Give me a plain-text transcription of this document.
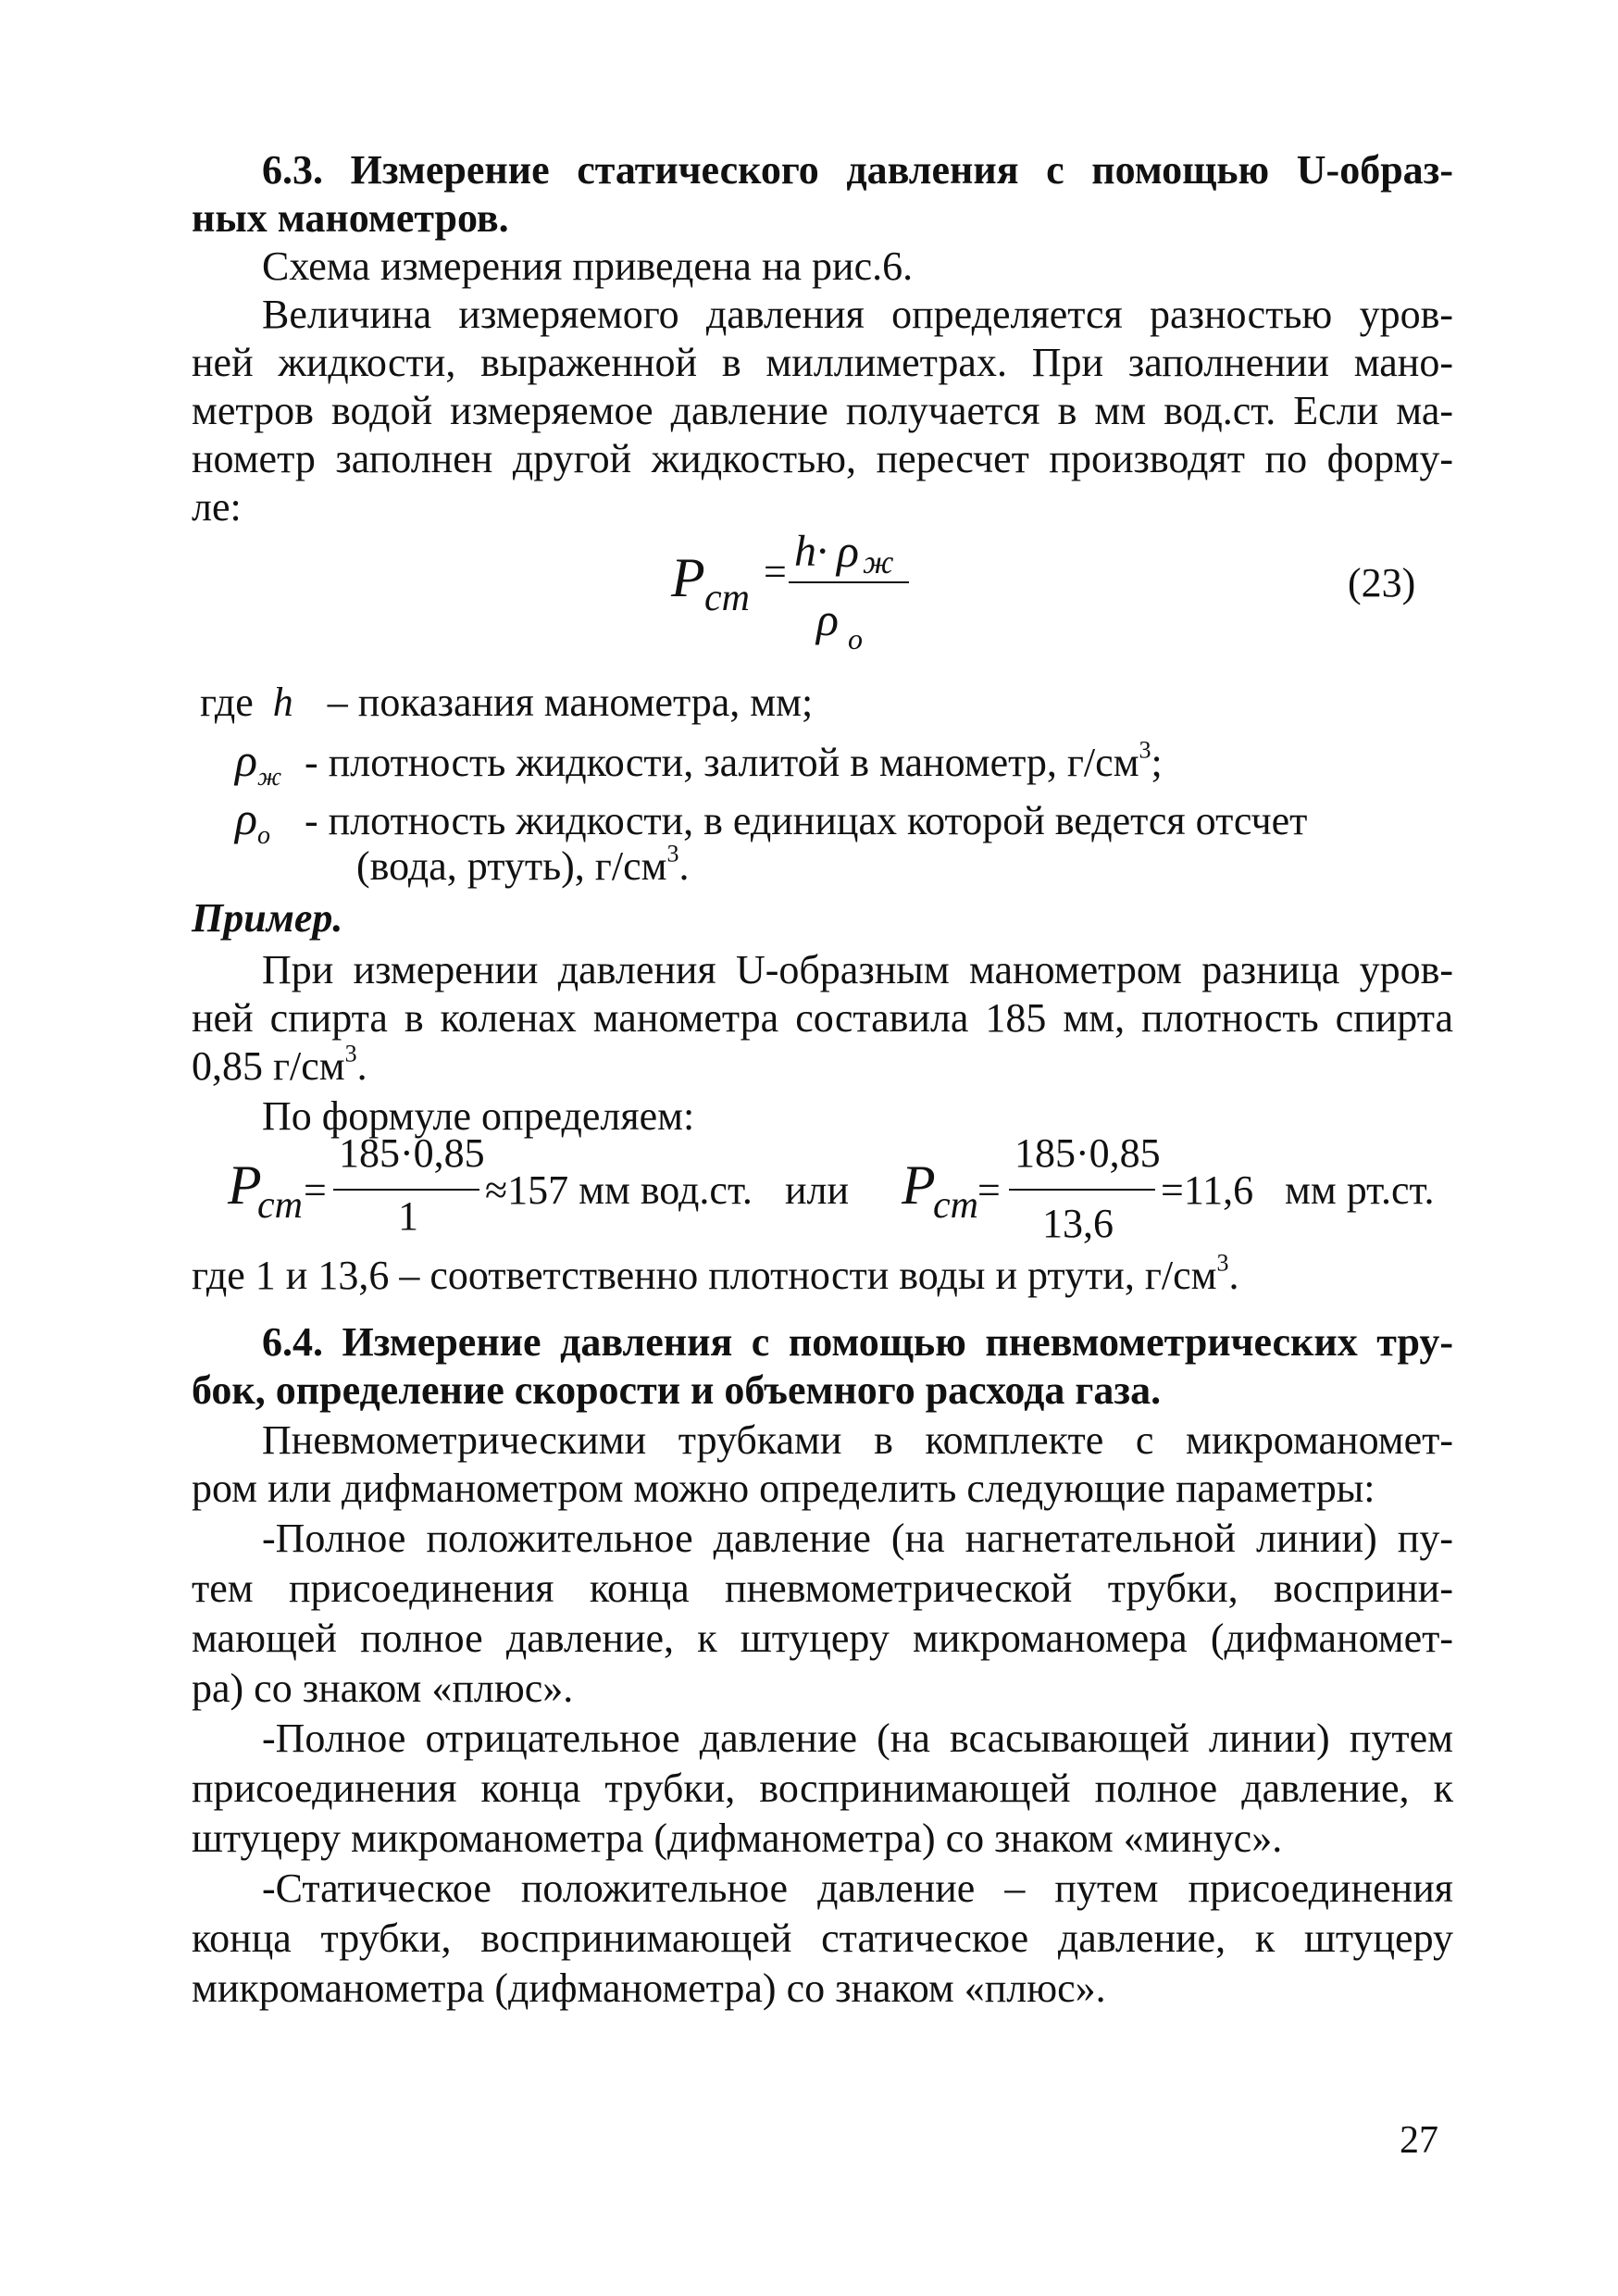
6.3. Измерение статического давления с помощью U-образ-
ных манометров.
Схема измерения приведена на рис.6.
Величина измеряемого давления определяется разностью уров-
ней жидкости, выраженной в миллиметрах. При заполнении мано-
метров водой измеряемое давление получается в мм вод.ст. Если ма-
нометр заполнен другой жидкостью, пересчет производят по форму-
ле:
P ст
= h· ρ ж
ρ о
(23)
где h – показания манометра, мм;
$\rho_ж$ - плотность жидкости, залитой в манометр, $г/см^3$;
$\rho_о$ - плотность жидкости, в единицах которой ведется отсчет
(вода, ртуть), $г/см^3$.
Пример.
При измерении давления U-образным манометром разница уров-
ней спирта в коленах манометра составила 185 мм, плотность спирта
0,85 $г/см^3$.
По формуле определяем:
P
ст =
185·0,85
1
≈157 мм вод.ст. или P
ст =
185·0,85
13,6
=11,6 мм рт.ст.
где 1 и 13,6 – соответственно плотности воды и ртути, $г/см^3$.
6.4. Измерение давления с помощью пневмометрических тру-
бок, определение скорости и объемного расхода газа.
Пневмометрическими трубками в комплекте с микроманомет-
ром или дифманометром можно определить следующие параметры:
-Полное положительное давление (на нагнетательной линии) пу-
тем присоединения конца пневмометрической трубки, восприни-
мающей полное давление, к штуцеру микроманомера (дифманомет-
ра) со знаком «плюс».
-Полное отрицательное давление (на всасывающей линии) путем
присоединения конца трубки, воспринимающей полное давление, к
штуцеру микроманометра (дифманометра) со знаком «минус».
-Статическое положительное давление – путем присоединения
конца трубки, воспринимающей статическое давление, к штуцеру
микроманометра (дифманометра) со знаком «плюс».
27
